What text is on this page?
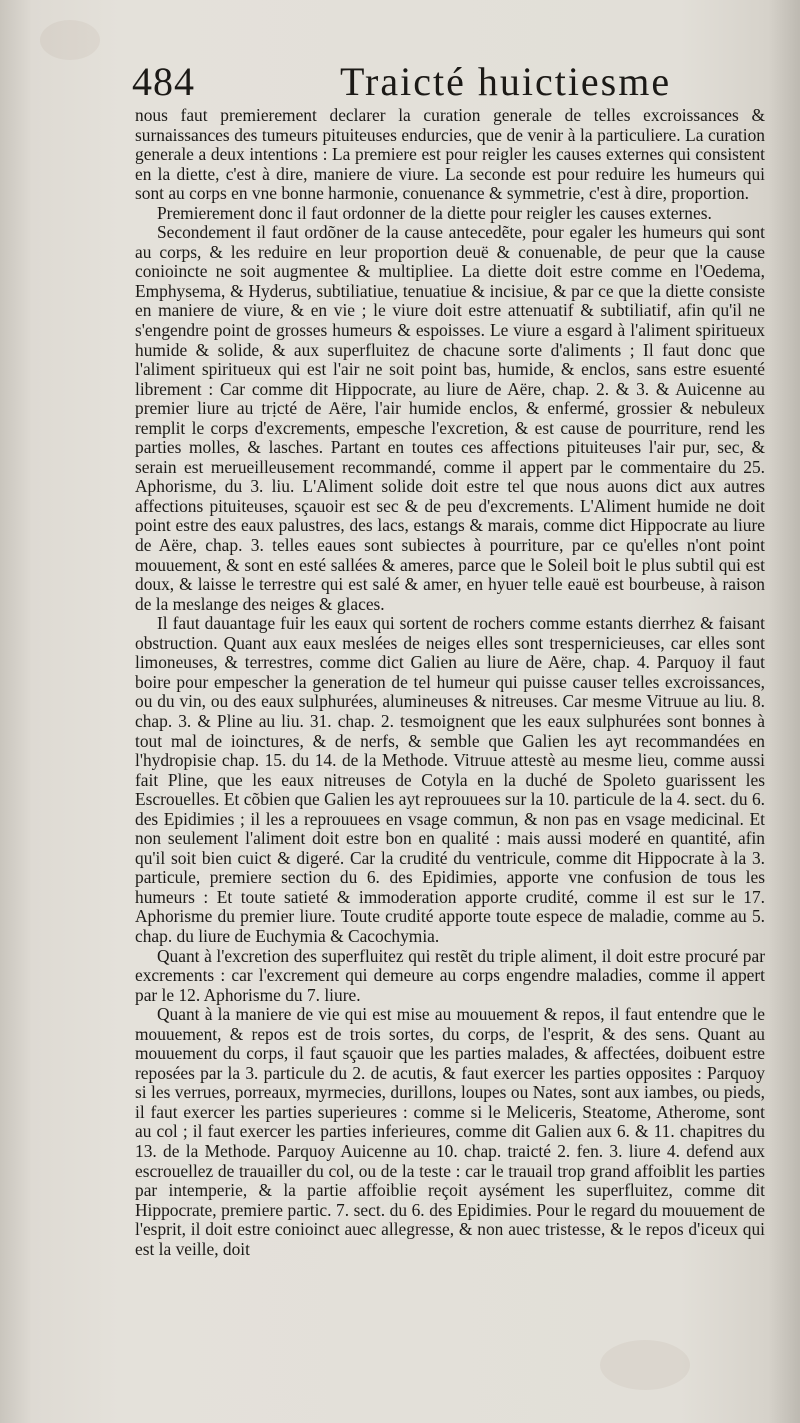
484	Traicté huictiesme

nous faut premierement declarer la curation generale de telles excroissances & surnaissances des tumeurs pituiteuses endurcies, que de venir à la particuliere. La curation generale a deux intentions : La premiere est pour reigler les causes externes qui consistent en la diette, c'est à dire, maniere de viure. La seconde est pour reduire les humeurs qui sont au corps en vne bonne harmonie, conuenance & symmetrie, c'est à dire, proportion.

Premierement donc il faut ordonner de la diette pour reigler les causes externes.

Secondement il faut ordõner de la cause antecedẽte, pour egaler les humeurs qui sont au corps, & les reduire en leur proportion deuë & conuenable, de peur que la cause conioincte ne soit augmentee & multipliee. La diette doit estre comme en l'Oedema, Emphysema, & Hyderus, subtiliatiue, tenuatiue & incisiue, & par ce que la diette consiste en maniere de viure, & en vie ; le viure doit estre attenuatif & subtiliatif, afin qu'il ne s'engendre point de grosses humeurs & espoisses. Le viure a esgard à l'aliment spiritueux humide & solide, & aux superfluitez de chacune sorte d'aliments ; Il faut donc que l'aliment spiritueux qui est l'air ne soit point bas, humide, & enclos, sans estre esuenté librement : Car comme dit Hippocrate, au liure de Aëre, chap. 2. & 3. & Auicenne au premier liure au trịcté de Aëre, l'air humide enclos, & enfermé, grossier & nebuleux remplit le corps d'excrements, empesche l'excretion, & est cause de pourriture, rend les parties molles, & lasches. Partant en toutes ces affections pituiteuses l'air pur, sec, & serain est merueilleusement recommandé, comme il appert par le commentaire du 25. Aphorisme, du 3. liu. L'Aliment solide doit estre tel que nous auons dict aux autres affections pituiteuses, sçauoir est sec & de peu d'excrements. L'Aliment humide ne doit point estre des eaux palustres, des lacs, estangs & marais, comme dict Hippocrate au liure de Aëre, chap. 3. telles eaues sont subiectes à pourriture, par ce qu'elles n'ont point mouuement, & sont en esté sallées & ameres, parce que le Soleil boit le plus subtil qui est doux, & laisse le terrestre qui est salé & amer, en hyuer telle eauë est bourbeuse, à raison de la meslange des neiges & glaces.

Il faut dauantage fuir les eaux qui sortent de rochers comme estants dierrhez & faisant obstruction. Quant aux eaux meslées de neiges elles sont trespernicieuses, car elles sont limoneuses, & terrestres, comme dict Galien au liure de Aëre, chap. 4. Parquoy il faut boire pour empescher la generation de tel humeur qui puisse causer telles excroissances, ou du vin, ou des eaux sulphurées, alumineuses & nitreuses. Car mesme Vitruue au liu. 8. chap. 3. & Pline au liu. 31. chap. 2. tesmoignent que les eaux sulphurées sont bonnes à tout mal de ioinctures, & de nerfs, & semble que Galien les ayt recommandées en l'hydropisie chap. 15. du 14. de la Methode. Vitruue attestè au mesme lieu, comme aussi fait Pline, que les eaux nitreuses de Cotyla en la duché de Spoleto guarissent les Escrouelles. Et cõbien que Galien les ayt reprouuees sur la 10. particule de la 4. sect. du 6. des Epidimies ; il les a reprouuees en vsage commun, & non pas en vsage medicinal. Et non seulement l'aliment doit estre bon en qualité : mais aussi moderé en quantité, afin qu'il soit bien cuict & digeré. Car la crudité du ventricule, comme dit Hippocrate à la 3. particule, premiere section du 6. des Epidimies, apporte vne confusion de tous les humeurs : Et toute satieté & immoderation apporte crudité, comme il est sur le 17. Aphorisme du premier liure. Toute crudité apporte toute espece de maladie, comme au 5. chap. du liure de Euchymia & Cacochymia.

Quant à l'excretion des superfluitez qui restẽt du triple aliment, il doit estre procuré par excrements : car l'excrement qui demeure au corps engendre maladies, comme il appert par le 12. Aphorisme du 7. liure.

Quant à la maniere de vie qui est mise au mouuement & repos, il faut entendre que le mouuement, & repos est de trois sortes, du corps, de l'esprit, & des sens. Quant au mouuement du corps, il faut sçauoir que les parties malades, & affectées, doibuent estre reposées par la 3. particule du 2. de acutis, & faut exercer les parties opposites : Parquoy si les verrues, porreaux, myrmecies, durillons, loupes ou Nates, sont aux iambes, ou pieds, il faut exercer les parties superieures : comme si le Meliceris, Steatome, Atherome, sont au col ; il faut exercer les parties inferieures, comme dit Galien aux 6. & 11. chapitres du 13. de la Methode. Parquoy Auicenne au 10. chap. traicté 2. fen. 3. liure 4. defend aux escrouellez de trauailler du col, ou de la teste : car le trauail trop grand affoiblit les parties par intemperie, & la partie affoiblie reçoit aysément les superfluitez, comme dit Hippocrate, premiere partic. 7. sect. du 6. des Epidimies. Pour le regard du mouuement de l'esprit, il doit estre conioinct auec allegresse, & non auec tristesse, & le repos d'iceux qui est la veille, doit
